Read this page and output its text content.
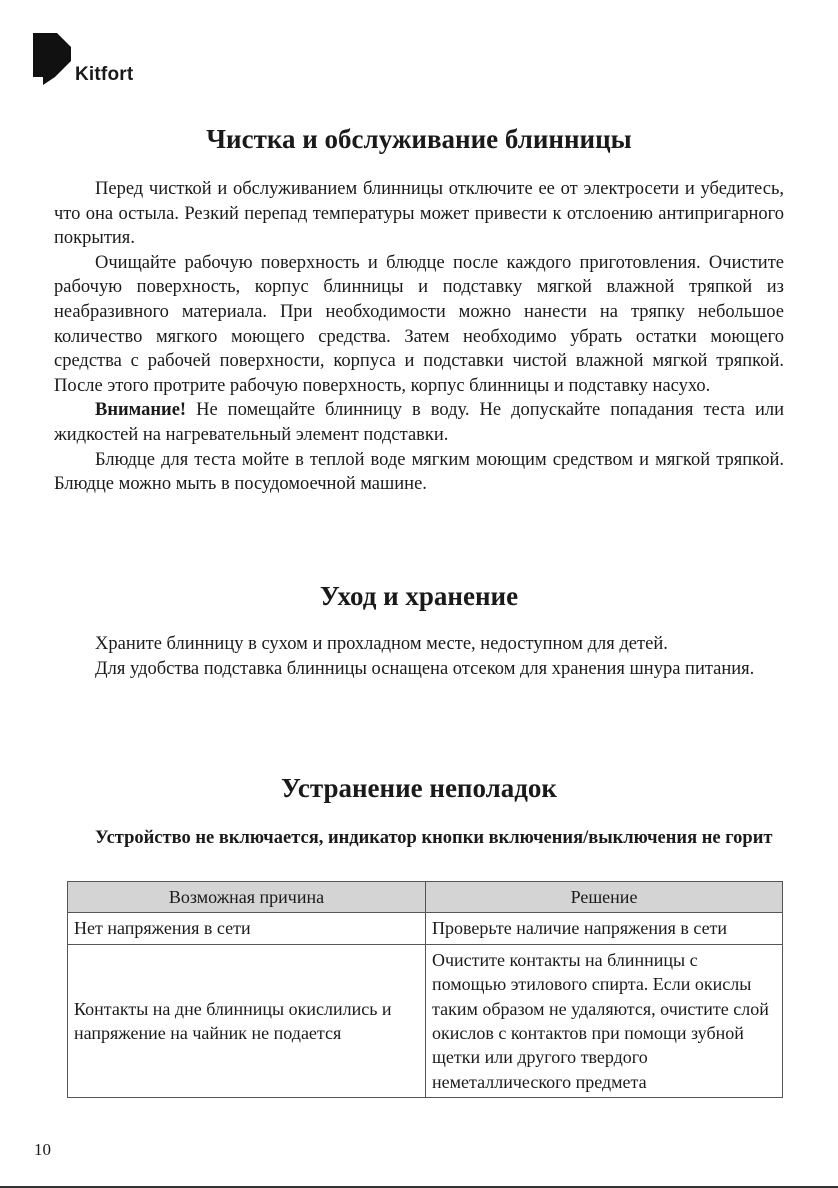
Kitfort
Чистка и обслуживание блинницы

Перед чисткой и обслуживанием блинницы отключите ее от электросети и убедитесь, что она остыла. Резкий перепад температуры может привести к отслоению антипригарного покрытия.

Очищайте рабочую поверхность и блюдце после каждого приготовления. Очистите рабочую поверхность, корпус блинницы и подставку мягкой влажной тряпкой из неабразивного материала. При необходимости можно нанести на тряпку небольшое количество мягкого моющего средства. Затем необходимо убрать остатки моющего средства с рабочей поверхности, корпуса и подставки чистой влажной мягкой тряпкой. После этого протрите рабочую поверхность, корпус блинницы и подставку насухо.

Внимание! Не помещайте блинницу в воду. Не допускайте попадания теста или жидкостей на нагревательный элемент подставки.

Блюдце для теста мойте в теплой воде мягким моющим средством и мягкой тряпкой. Блюдце можно мыть в посудомоечной машине.

Уход и хранение

Храните блинницу в сухом и прохладном месте, недоступном для детей.

Для удобства подставка блинницы оснащена отсеком для хранения шнура питания.

Устранение неполадок

Устройство не включается, индикатор кнопки включения/выключения не горит

Возможная причина	Решение
Нет напряжения в сети	Проверьте наличие напряжения в сети
Контакты на дне блинницы окислились и напряжение на чайник не подается	Очистите контакты на блинницы с помощью этилового спирта. Если окислы таким образом не удаляются, очистите слой окислов с контактов при помощи зубной щетки или другого твердого неметаллического предмета
10
